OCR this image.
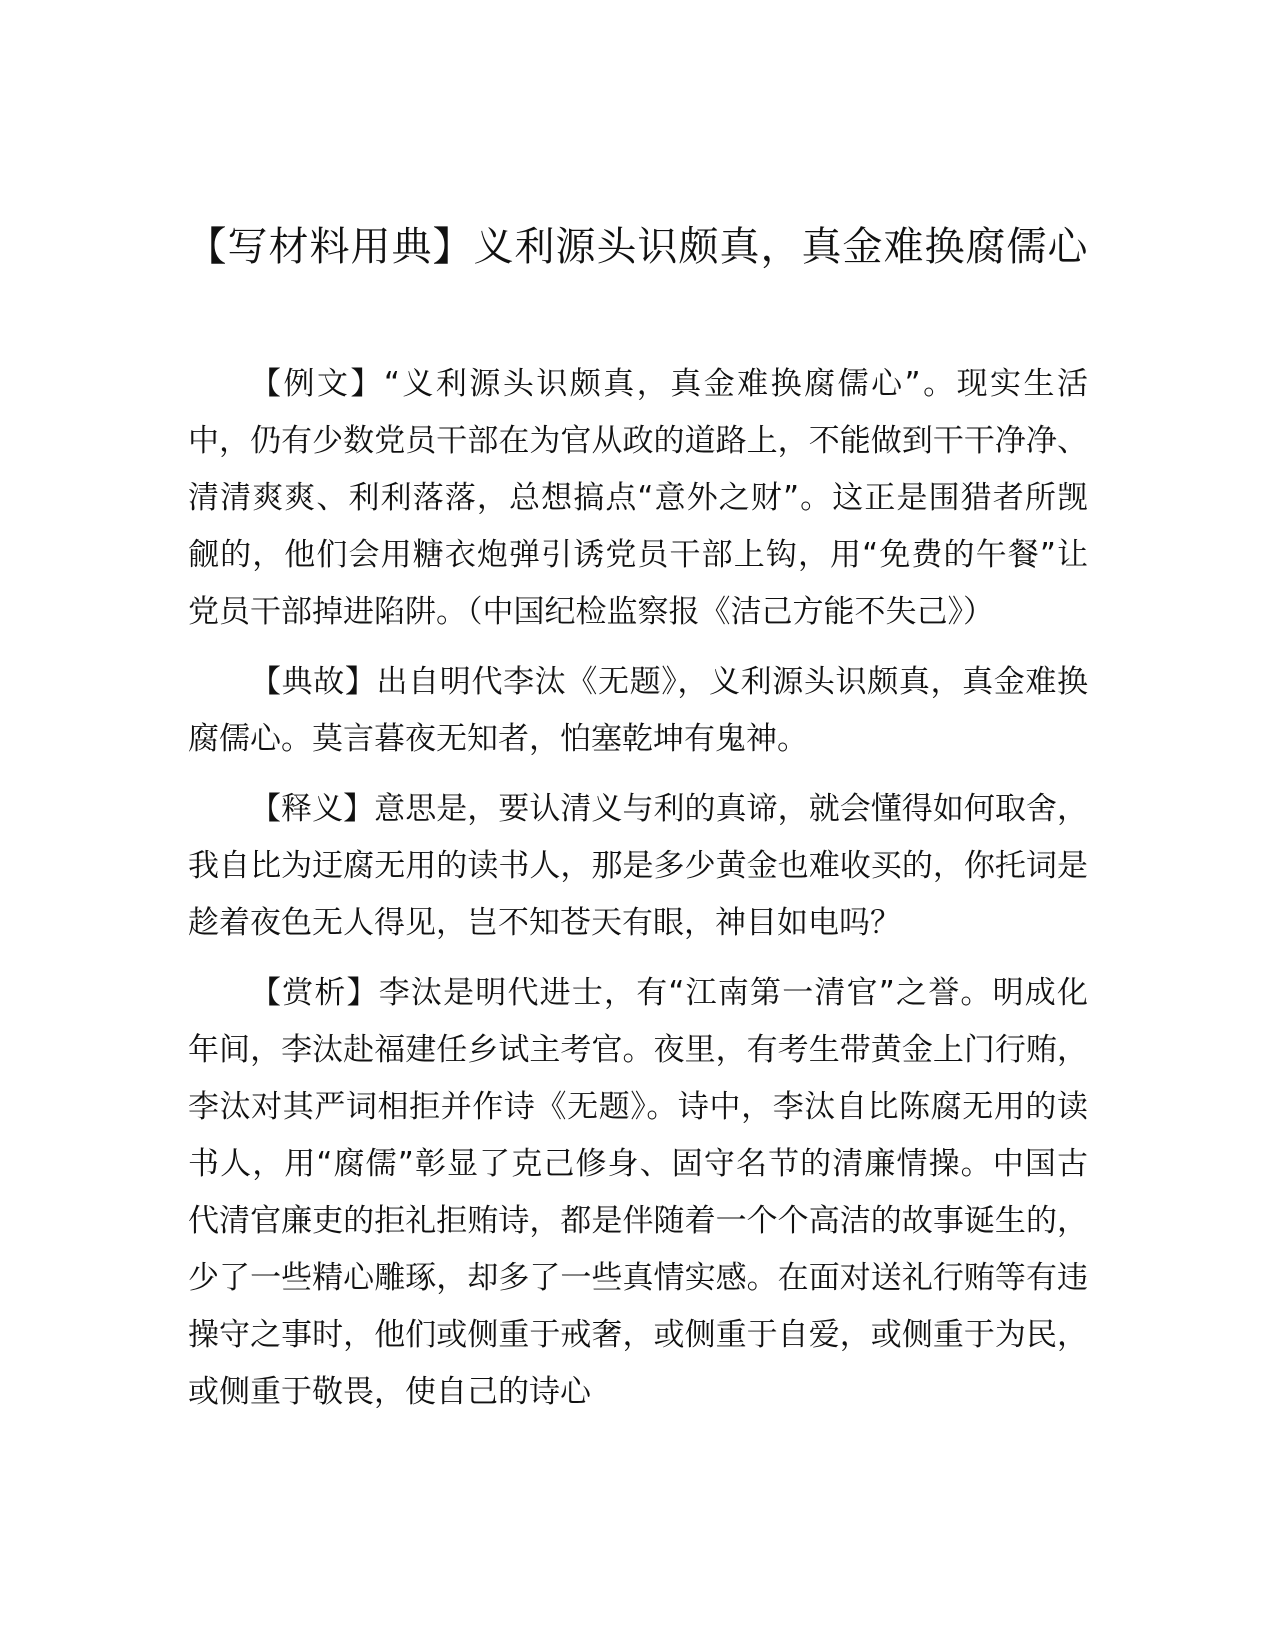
【写材料用典】义利源头识颇真，真金难换腐儒心

【例文】“义利源头识颇真，真金难换腐儒心”。现实生活中，仍有少数党员干部在为官从政的道路上，不能做到干干净净、清清爽爽、利利落落，总想搞点“意外之财”。这正是围猎者所觊觎的，他们会用糖衣炮弹引诱党员干部上钩，用“免费的午餐”让党员干部掉进陷阱。（中国纪检监察报《洁己方能不失己》）

【典故】出自明代李汰《无题》，义利源头识颇真，真金难换腐儒心。莫言暮夜无知者，怕塞乾坤有鬼神。

【释义】意思是，要认清义与利的真谛，就会懂得如何取舍，我自比为迂腐无用的读书人，那是多少黄金也难收买的，你托词是趁着夜色无人得见，岂不知苍天有眼，神目如电吗？

【赏析】李汰是明代进士，有“江南第一清官”之誉。明成化年间，李汰赴福建任乡试主考官。夜里，有考生带黄金上门行贿，李汰对其严词相拒并作诗《无题》。诗中，李汰自比陈腐无用的读书人，用“腐儒”彰显了克己修身、固守名节的清廉情操。中国古代清官廉吏的拒礼拒贿诗，都是伴随着一个个高洁的故事诞生的，少了一些精心雕琢，却多了一些真情实感。在面对送礼行贿等有违操守之事时，他们或侧重于戒奢，或侧重于自爱，或侧重于为民，或侧重于敬畏，使自己的诗心
